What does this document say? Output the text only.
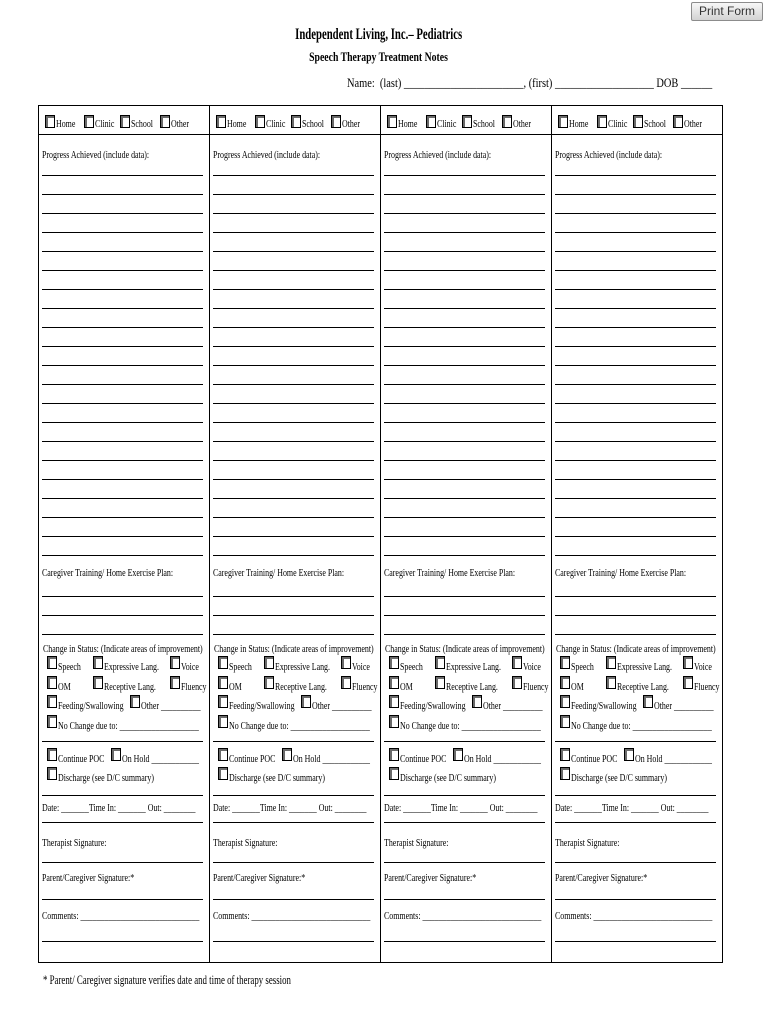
Print Form
Independent Living, Inc.– Pediatrics
Speech Therapy Treatment Notes
Name:  (last) _______________________, (first) ___________________ DOB ______
Home Clinic School Other
Progress Achieved (include data):
Caregiver Training/ Home Exercise Plan:
Change in Status: (Indicate areas of improvement)
Speech Expressive Lang. Voice
OM	Receptive Lang. Fluency
Feeding/Swallowing Other __________
No Change due to: ____________________
Continue POC On Hold ____________
Discharge (see D/C summary)
Date: _______Time In: _______ Out: ________
Therapist Signature:
Parent/Caregiver Signature:*
Comments: ______________________________
Home Clinic School Other
Progress Achieved (include data):
Caregiver Training/ Home Exercise Plan:
Change in Status: (Indicate areas of improvement)
Speech Expressive Lang. Voice
OM	Receptive Lang. Fluency
Feeding/Swallowing Other __________
No Change due to: ____________________
Continue POC On Hold ____________
Discharge (see D/C summary)
Date: _______Time In: _______ Out: ________
Therapist Signature:
Parent/Caregiver Signature:*
Comments: ______________________________
Home Clinic School Other
Progress Achieved (include data):
Caregiver Training/ Home Exercise Plan:
Change in Status: (Indicate areas of improvement)
Speech Expressive Lang. Voice
OM	Receptive Lang. Fluency
Feeding/Swallowing Other __________
No Change due to: ____________________
Continue POC On Hold ____________
Discharge (see D/C summary)
Date: _______Time In: _______ Out: ________
Therapist Signature:
Parent/Caregiver Signature:*
Comments: ______________________________
Home Clinic School Other
Progress Achieved (include data):
Caregiver Training/ Home Exercise Plan:
Change in Status: (Indicate areas of improvement)
Speech Expressive Lang. Voice
OM	Receptive Lang. Fluency
Feeding/Swallowing Other __________
No Change due to: ____________________
Continue POC On Hold ____________
Discharge (see D/C summary)
Date: _______Time In: _______ Out: ________
Therapist Signature:
Parent/Caregiver Signature:*
Comments: ______________________________
* Parent/ Caregiver signature verifies date and time of therapy session
